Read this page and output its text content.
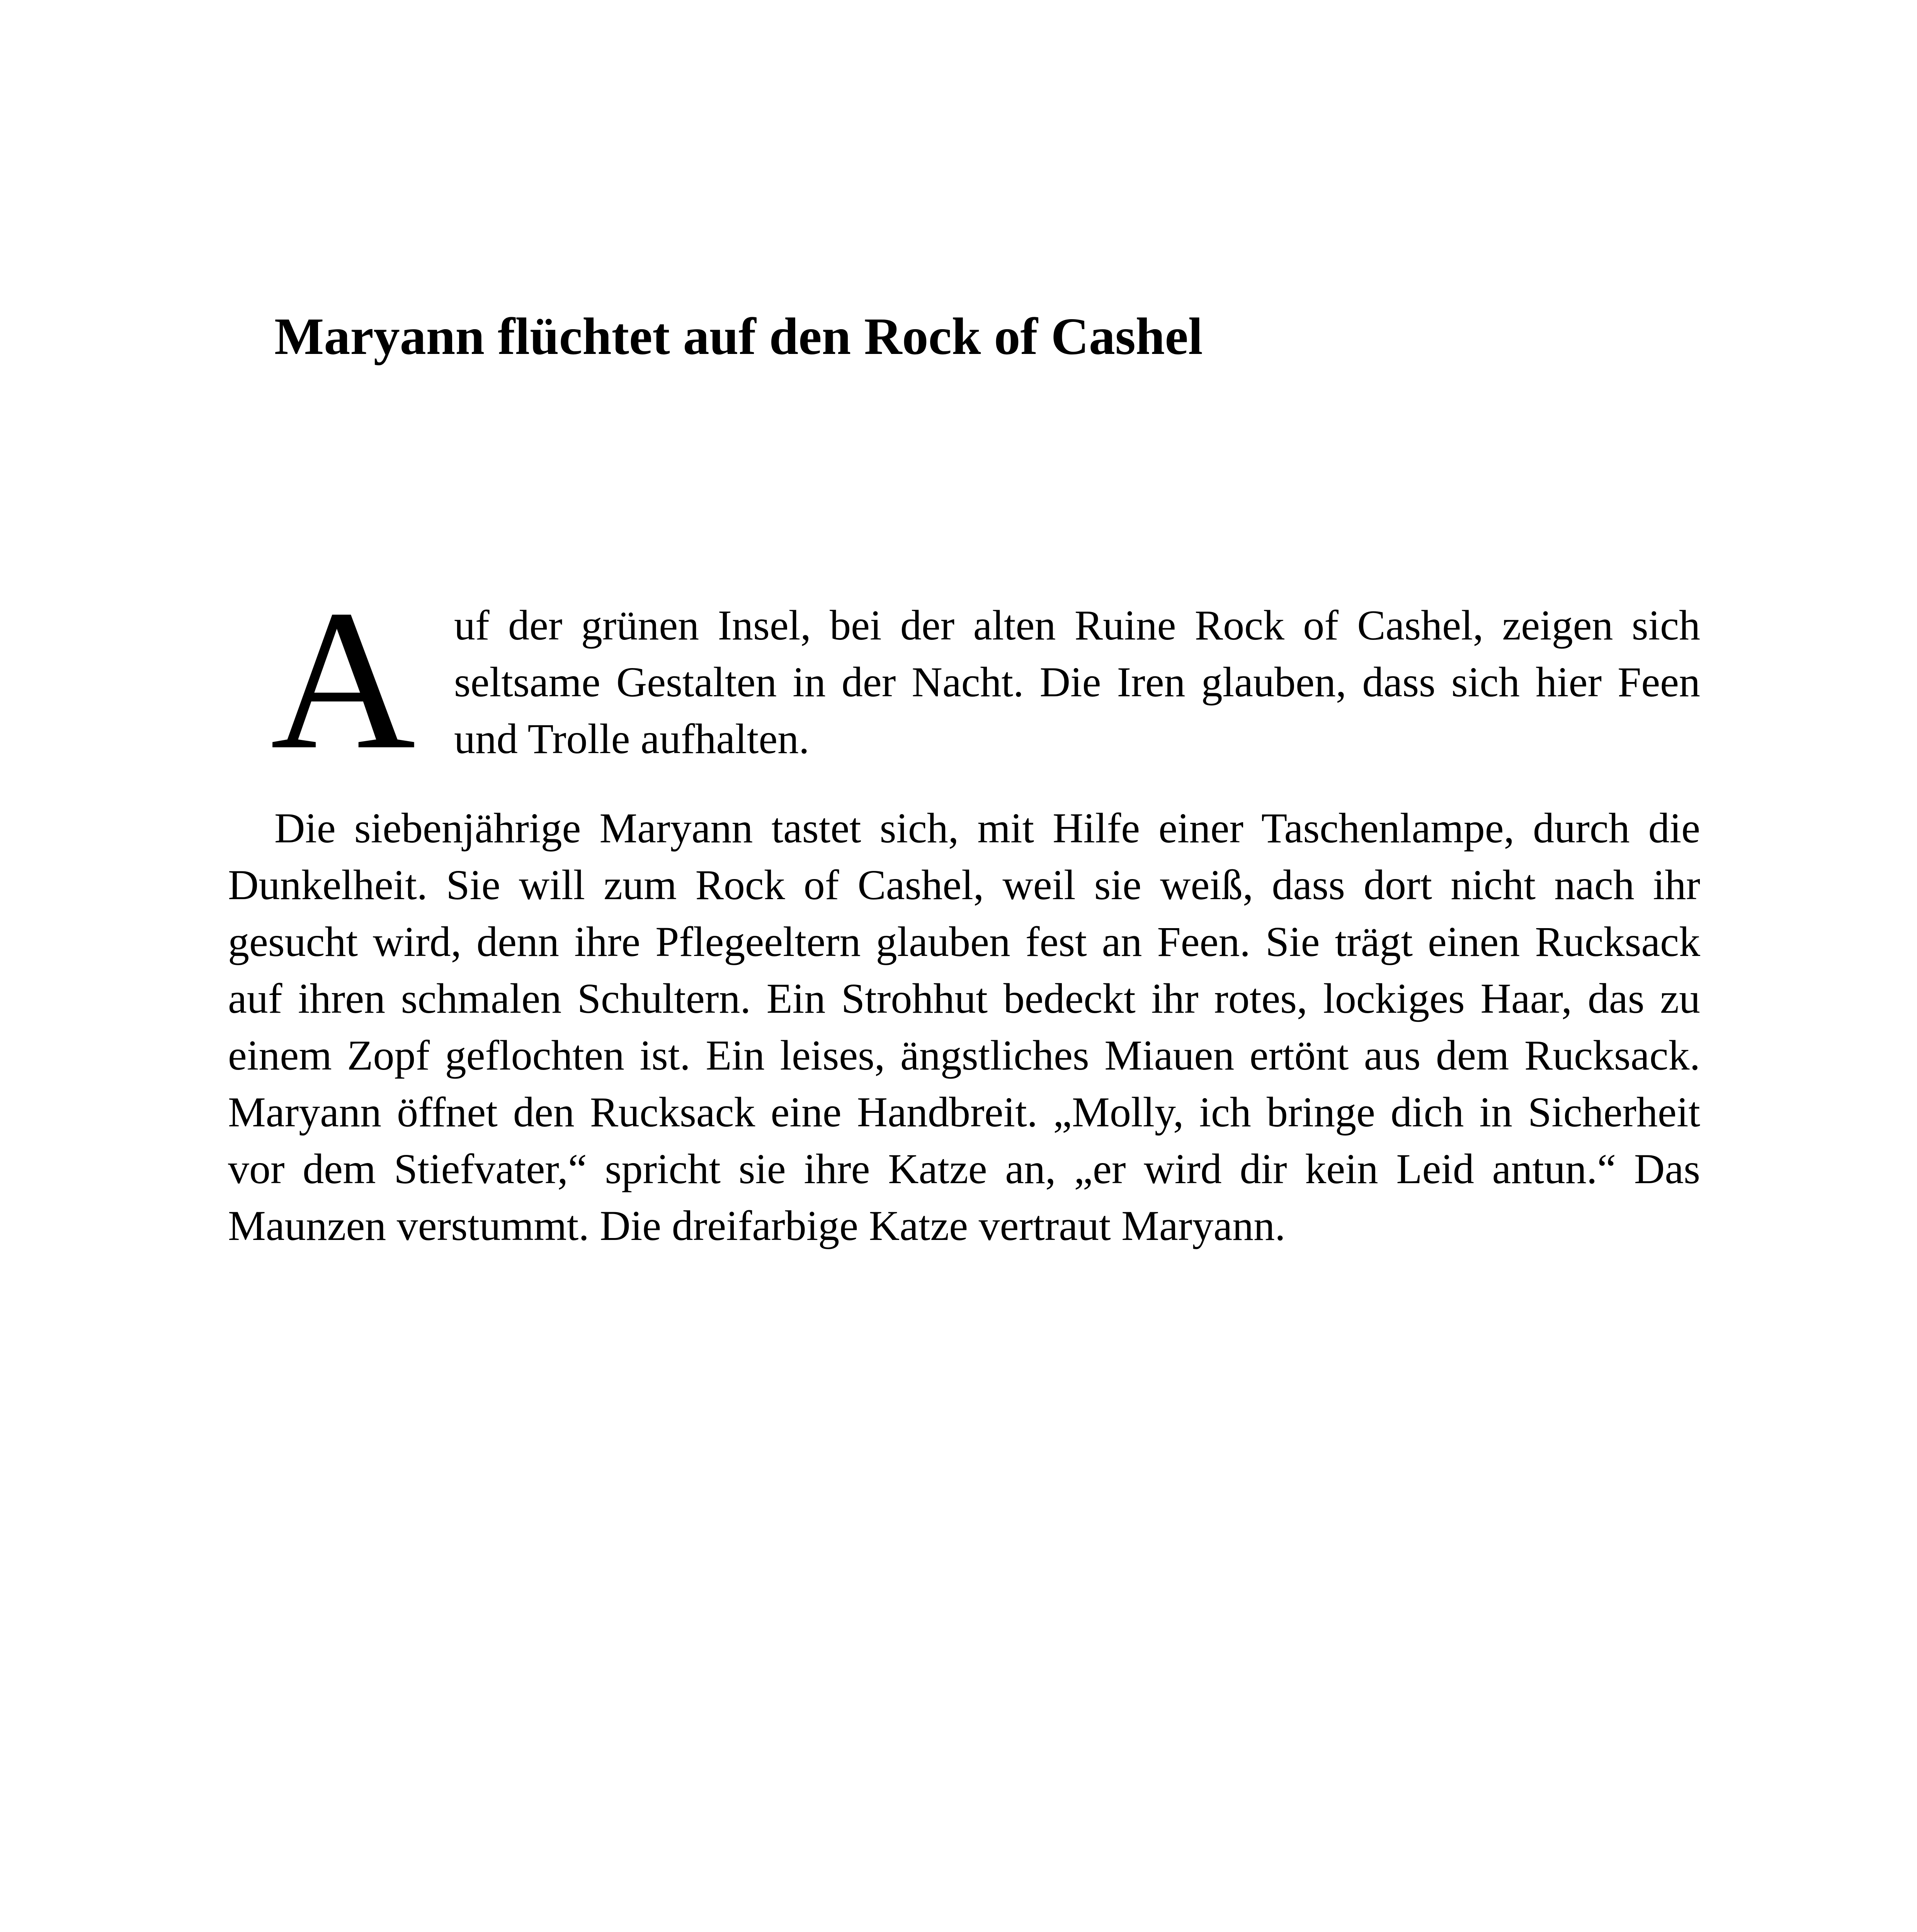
Maryann flüchtet auf den Rock of Cashel
A uf der grünen Insel, bei der alten Ruine Rock of Cashel, zeigen sich seltsame Gestalten in der Nacht. Die Iren glauben, dass sich hier Feen und Trolle aufhalten.

Die siebenjährige Maryann tastet sich, mit Hilfe einer Taschenlampe, durch die Dunkelheit. Sie will zum Rock of Cashel, weil sie weiß, dass dort nicht nach ihr gesucht wird, denn ihre Pflegeeltern glauben fest an Feen. Sie trägt einen Rucksack auf ihren schmalen Schultern. Ein Strohhut bedeckt ihr rotes, lockiges Haar, das zu einem Zopf geflochten ist. Ein leises, ängstliches Miauen ertönt aus dem Rucksack. Maryann öffnet den Rucksack eine Handbreit. „Molly, ich bringe dich in Sicherheit vor dem Stiefvater,“ spricht sie ihre Katze an, „er wird dir kein Leid antun.“ Das Maunzen verstummt. Die dreifarbige Katze vertraut Maryann.
